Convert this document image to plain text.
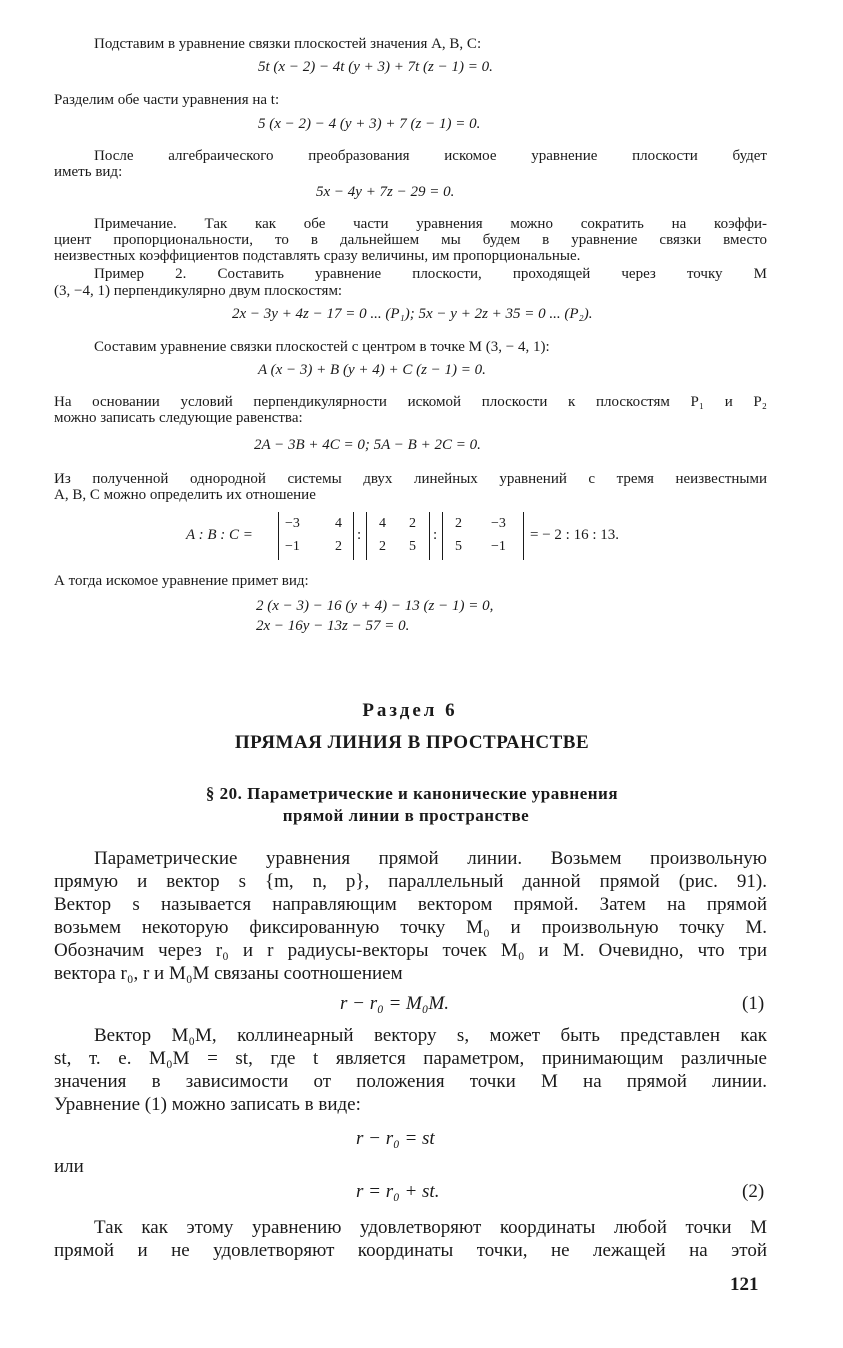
Подставим в уравнение связки плоскостей значения A, B, C:

5t (x − 2) − 4t (y + 3) + 7t (z − 1) = 0.

Разделим обе части уравнения на t:

5 (x − 2) − 4 (y + 3) + 7 (z − 1) = 0.

После алгебраического преобразования искомое уравнение плоскости будет

иметь вид:

5x − 4y + 7z − 29 = 0.

Примечание. Так как обе части уравнения можно сократить на коэффи-

циент пропорциональности, то в дальнейшем мы будем в уравнение связки вместо

неизвестных коэффициентов подставлять сразу величины, им пропорциональные.

Пример 2. Составить уравнение плоскости, проходящей через точку M

(3, −4, 1) перпендикулярно двум плоскостям:

2x − 3y + 4z − 17 = 0 ... (P₁); 5x − y + 2z + 35 = 0 ... (P₂).

Составим уравнение связки плоскостей с центром в точке M (3, − 4, 1):

A (x − 3) + B (y + 4) + C (z − 1) = 0.

На основании условий перпендикулярности искомой плоскости к плоскостям P₁ и P₂

можно записать следующие равенства:

2A − 3B + 4C = 0; 5A − B + 2C = 0.

Из полученной однородной системы двух линейных уравнений с тремя неизвестными

A, B, C можно определить их отношение

A : B : C =
−3	4
−1	2
:
4 2
2 5
:
2 −3
5 −1
= − 2 : 16 : 13.

А тогда искомое уравнение примет вид:

2 (x − 3) − 16 (y + 4) − 13 (z − 1) = 0,

2x − 16y − 13z − 57 = 0.

Раздел 6

ПРЯМАЯ ЛИНИЯ В ПРОСТРАНСТВЕ

§ 20. Параметрические и канонические уравнения

прямой линии в пространстве

Параметрические уравнения прямой линии. Возьмем произвольную

прямую и вектор s {m, n, p}, параллельный данной прямой (рис. 91).

Вектор s называется направляющим вектором прямой. Затем на прямой

возьмем некоторую фиксированную точку M₀ и произвольную точку M.

Обозначим через r₀ и r радиусы-векторы точек M₀ и M. Очевидно, что три

вектора r₀, r и M₀M связаны соотношением

r − r₀ = M₀M.	(1)

Вектор M₀M, коллинеарный вектору s, может быть представлен как

st, т. е. M₀M = st, где t является параметром, принимающим различные

значения в зависимости от положения точки M на прямой линии.

Уравнение (1) можно записать в виде:

r − r₀ = st

или

r = r₀ + st.	(2)

Так как этому уравнению удовлетворяют координаты любой точки M

прямой и не удовлетворяют координаты точки, не лежащей на этой

121
